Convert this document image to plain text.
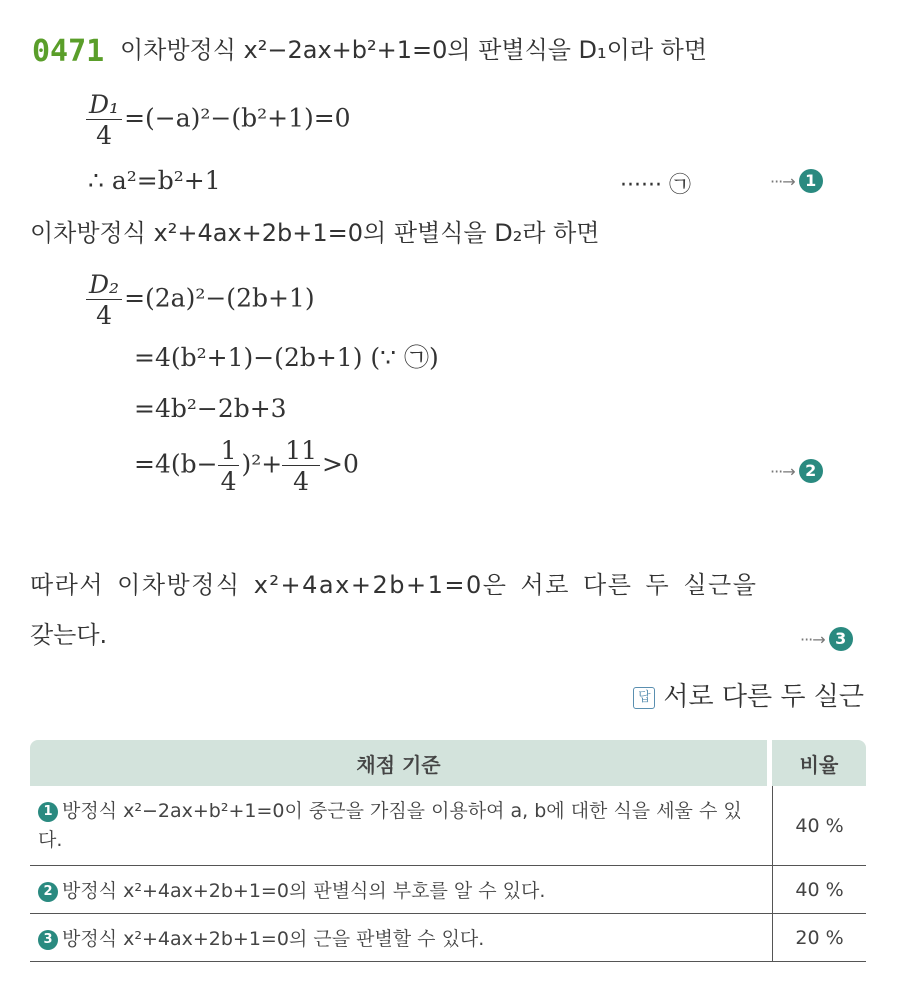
0471 이차방정식 x²−2ax+b²+1=0의 판별식을 D₁이라 하면
$\frac{\text{D₁}}{4} =(-a)^2-(b^2+1)=0$
∴ a²=b²+1	······ ㉠	···→ 1
이차방정식 x²+4ax+2b+1=0의 판별식을 D₂라 하면
$\frac{\text{D₂}}{4} =(2a)^2-(2b+1)$
=4(b²+1)−(2b+1) (∵ ㉠)
=4b²−2b+3
$=4(b- \frac{1}{4} )^2+ \frac{11}{4} >0$	···→ 2
따라서 이차방정식 x²+4ax+2b+1=0은 서로 다른 두 실근을
갖는다.	···→ 3
답 서로 다른 두 실근
채점 기준	비율
1 방정식 x²−2ax+b²+1=0이 중근을 가짐을 이용하여 a, b에 대한 식을 세울 수 있다.	40 %
2 방정식 x²+4ax+2b+1=0의 판별식의 부호를 알 수 있다.	40 %
3 방정식 x²+4ax+2b+1=0의 근을 판별할 수 있다.	20 %
